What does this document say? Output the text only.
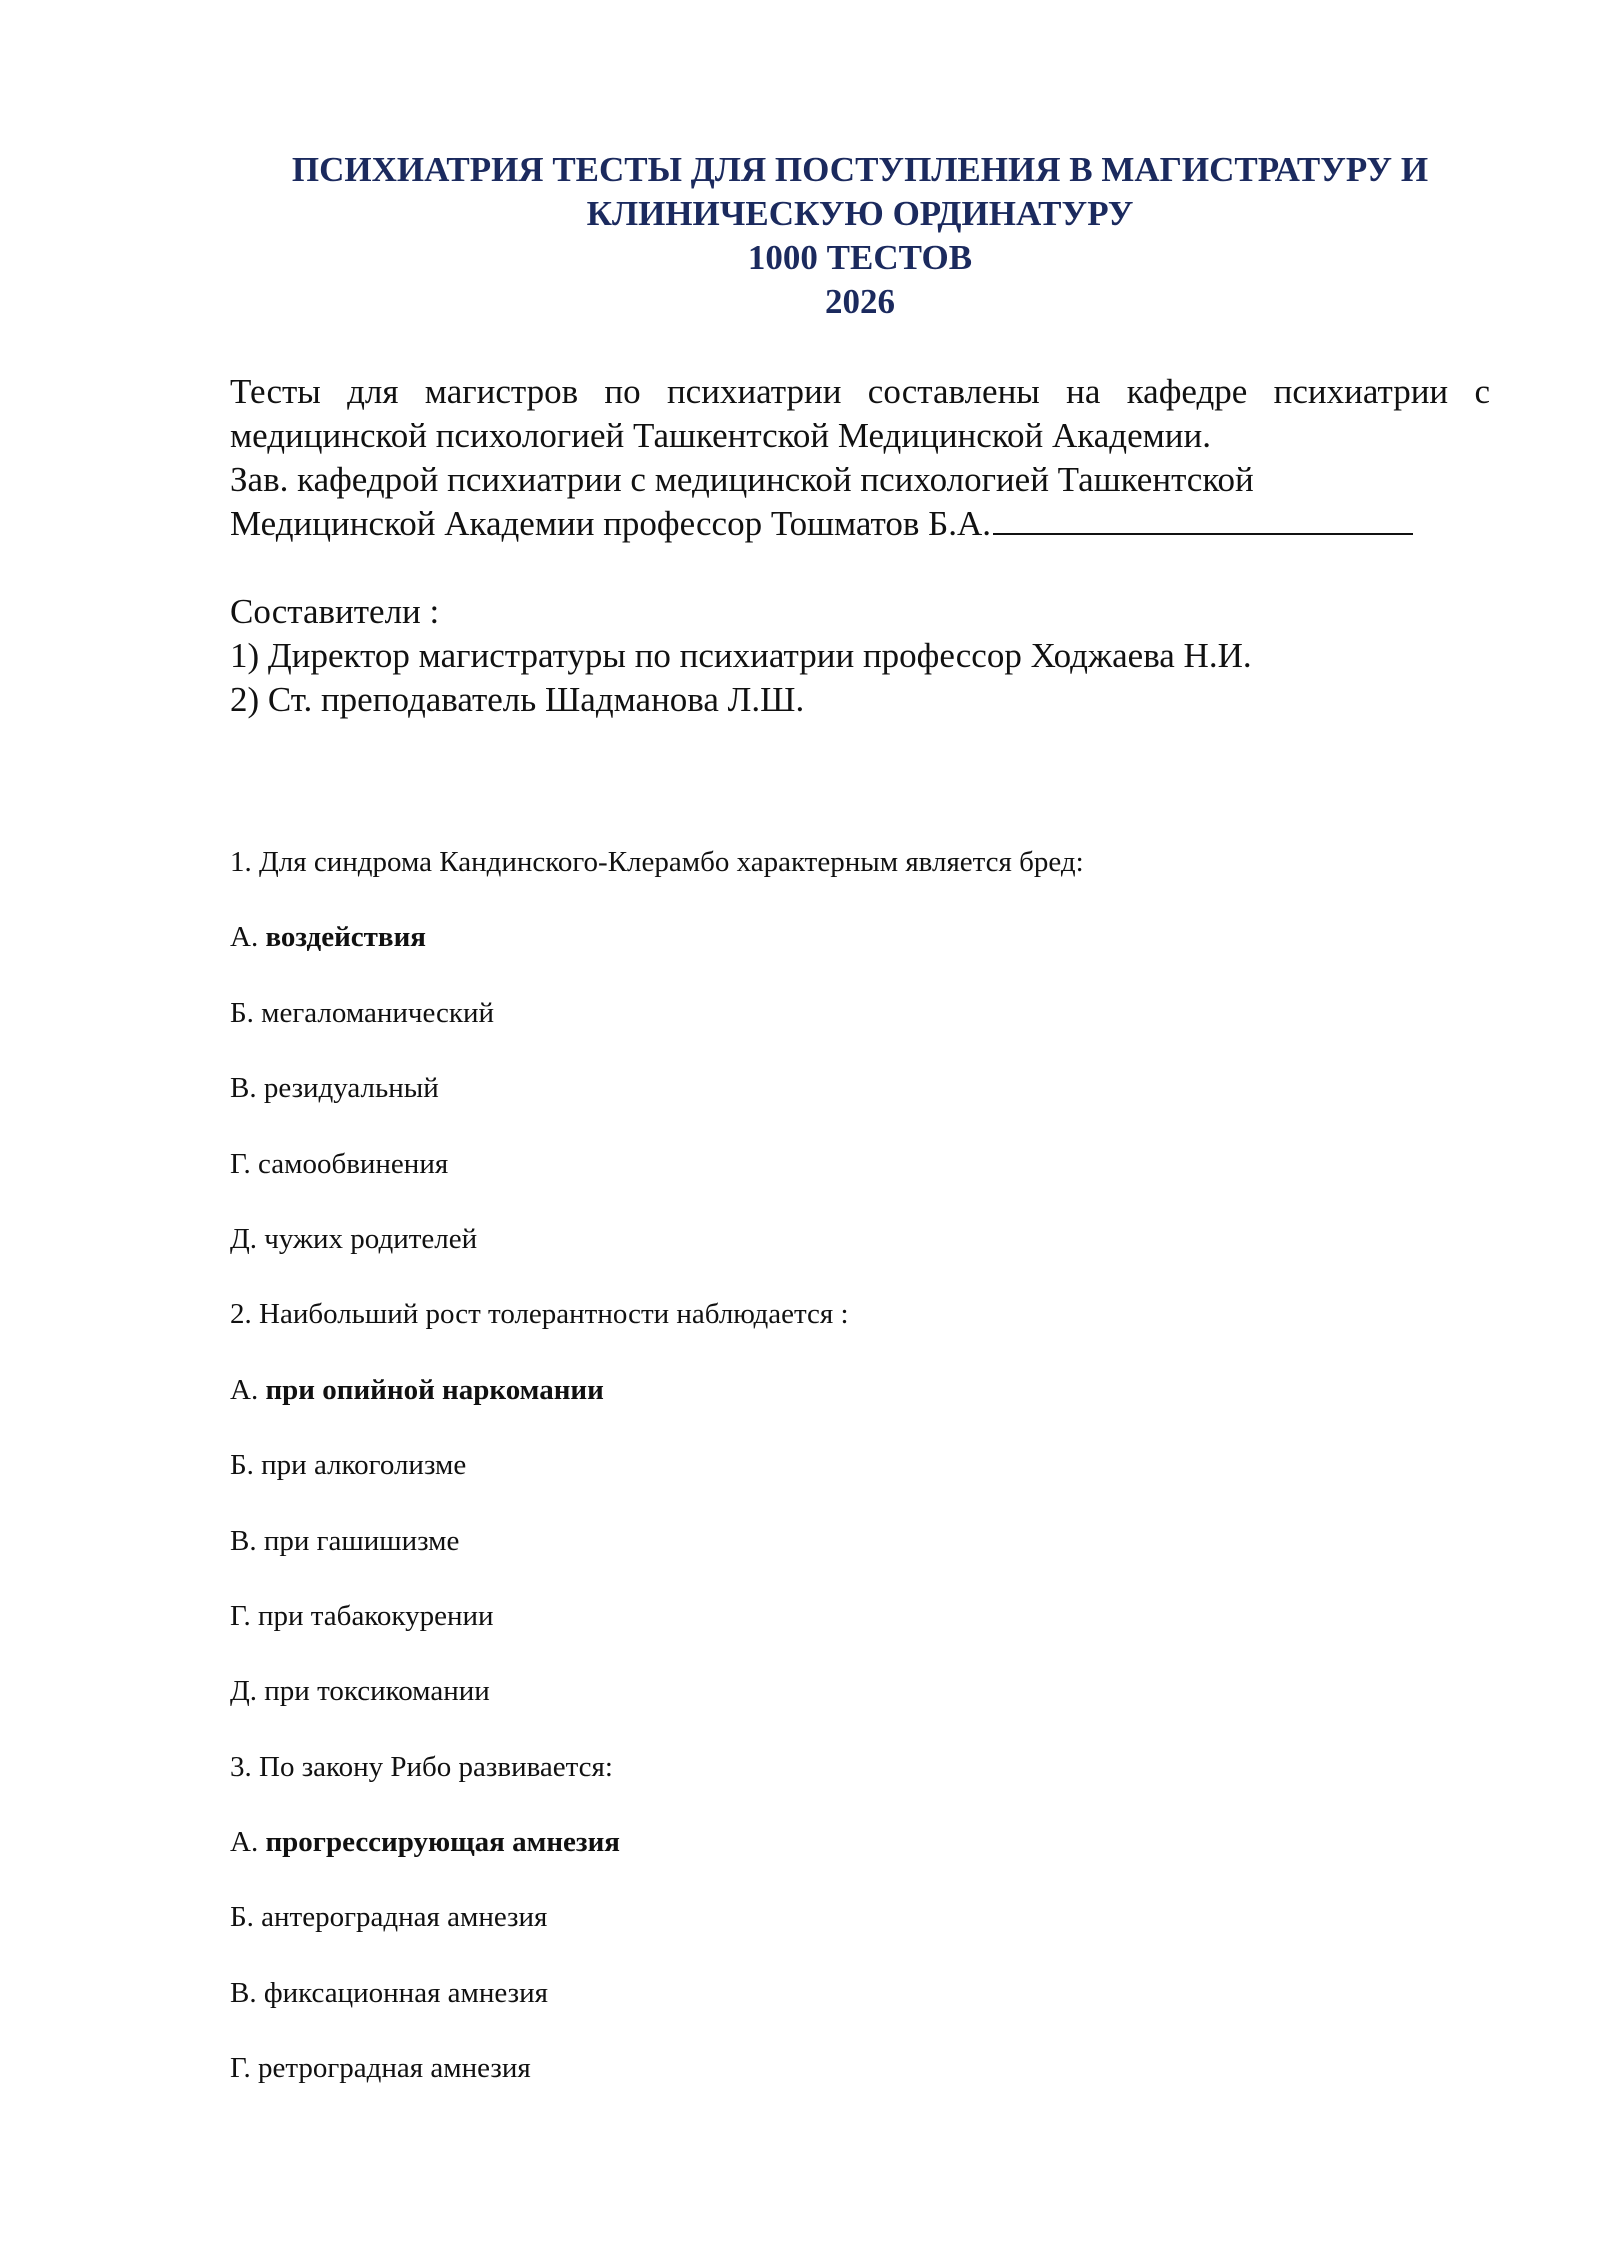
ПСИХИАТРИЯ ТЕСТЫ ДЛЯ ПОСТУПЛЕНИЯ В МАГИСТРАТУРУ И
КЛИНИЧЕСКУЮ ОРДИНАТУРУ
1000 ТЕСТОВ
2026
Тесты для магистров по психиатрии составлены на кафедре психиатрии с
медицинской психологией Ташкентской Медицинской Академии.
Зав. кафедрой психиатрии с медицинской психологией Ташкентской
Медицинской Академии профессор Тошматов Б.А.
Составители :
1) Директор магистратуры по психиатрии профессор Ходжаева Н.И.
2) Ст. преподаватель Шадманова Л.Ш.
1. Для синдрома Кандинского-Клерамбо характерным является бред:
А. воздействия
Б. мегаломанический
В. резидуальный
Г. самообвинения
Д. чужих родителей
2. Наибольший рост толерантности наблюдается :
А. при опийной наркомании
Б. при алкоголизме
В. при гашишизме
Г. при табакокурении
Д. при токсикомании
3. По закону Рибо развивается:
А. прогрессирующая амнезия
Б. антероградная амнезия
В. фиксационная амнезия
Г. ретроградная амнезия
